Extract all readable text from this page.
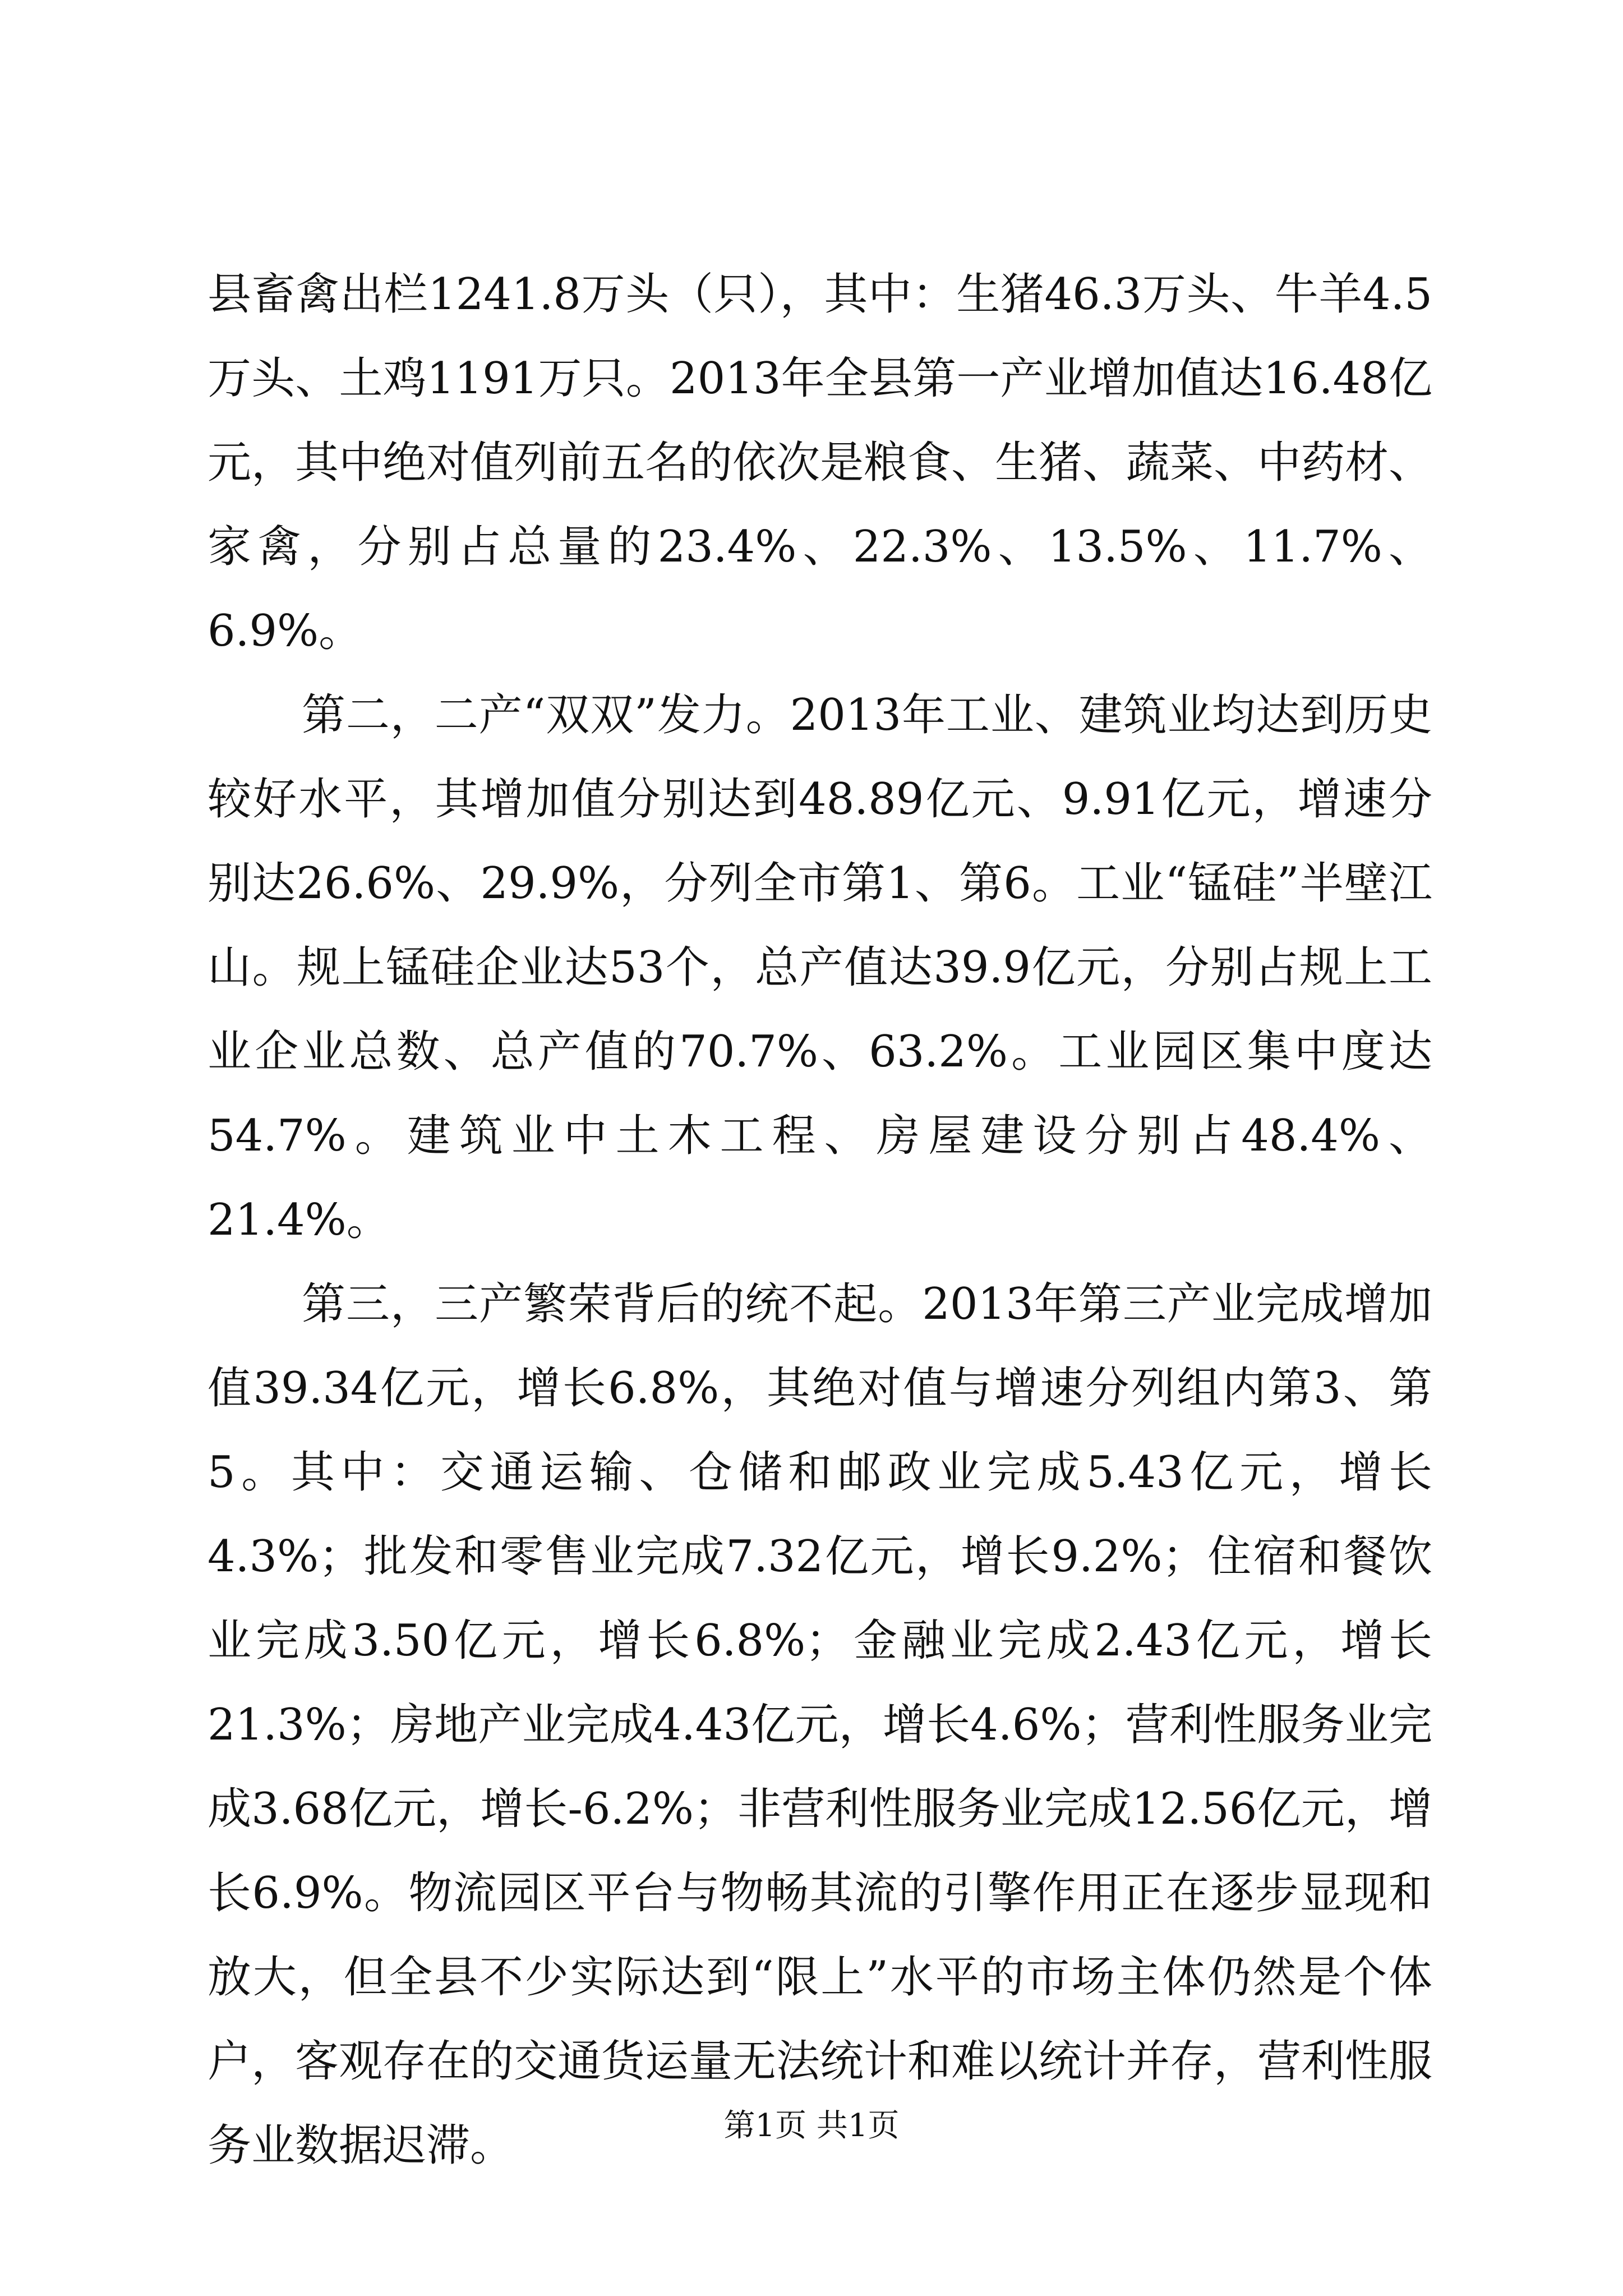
县畜禽出栏1241.8万头（只），其中：生猪46.3万头、牛羊4.5万头、土鸡1191万只。2013年全县第一产业增加值达16.48亿元，其中绝对值列前五名的依次是粮食、生猪、蔬菜、中药材、家禽，分别占总量的23.4%、22.3%、13.5%、11.7%、6.9%。

第二，二产“双双”发力。2013年工业、建筑业均达到历史较好水平，其增加值分别达到48.89亿元、9.91亿元，增速分别达26.6%、29.9%，分列全市第1、第6。工业“锰硅”半壁江山。规上锰硅企业达53个，总产值达39.9亿元，分别占规上工业企业总数、总产值的70.7%、63.2%。工业园区集中度达54.7%。建筑业中土木工程、房屋建设分别占48.4%、21.4%。

第三，三产繁荣背后的统不起。2013年第三产业完成增加值39.34亿元，增长6.8%，其绝对值与增速分列组内第3、第5。其中：交通运输、仓储和邮政业完成5.43亿元，增长4.3%；批发和零售业完成7.32亿元，增长9.2%；住宿和餐饮业完成3.50亿元，增长6.8%；金融业完成2.43亿元，增长21.3%；房地产业完成4.43亿元，增长4.6%；营利性服务业完成3.68亿元，增长-6.2%；非营利性服务业完成12.56亿元，增长6.9%。物流园区平台与物畅其流的引擎作用正在逐步显现和放大，但全县不少实际达到“限上”水平的市场主体仍然是个体户，客观存在的交通货运量无法统计和难以统计并存，营利性服务业数据迟滞。	第1页 共1页
